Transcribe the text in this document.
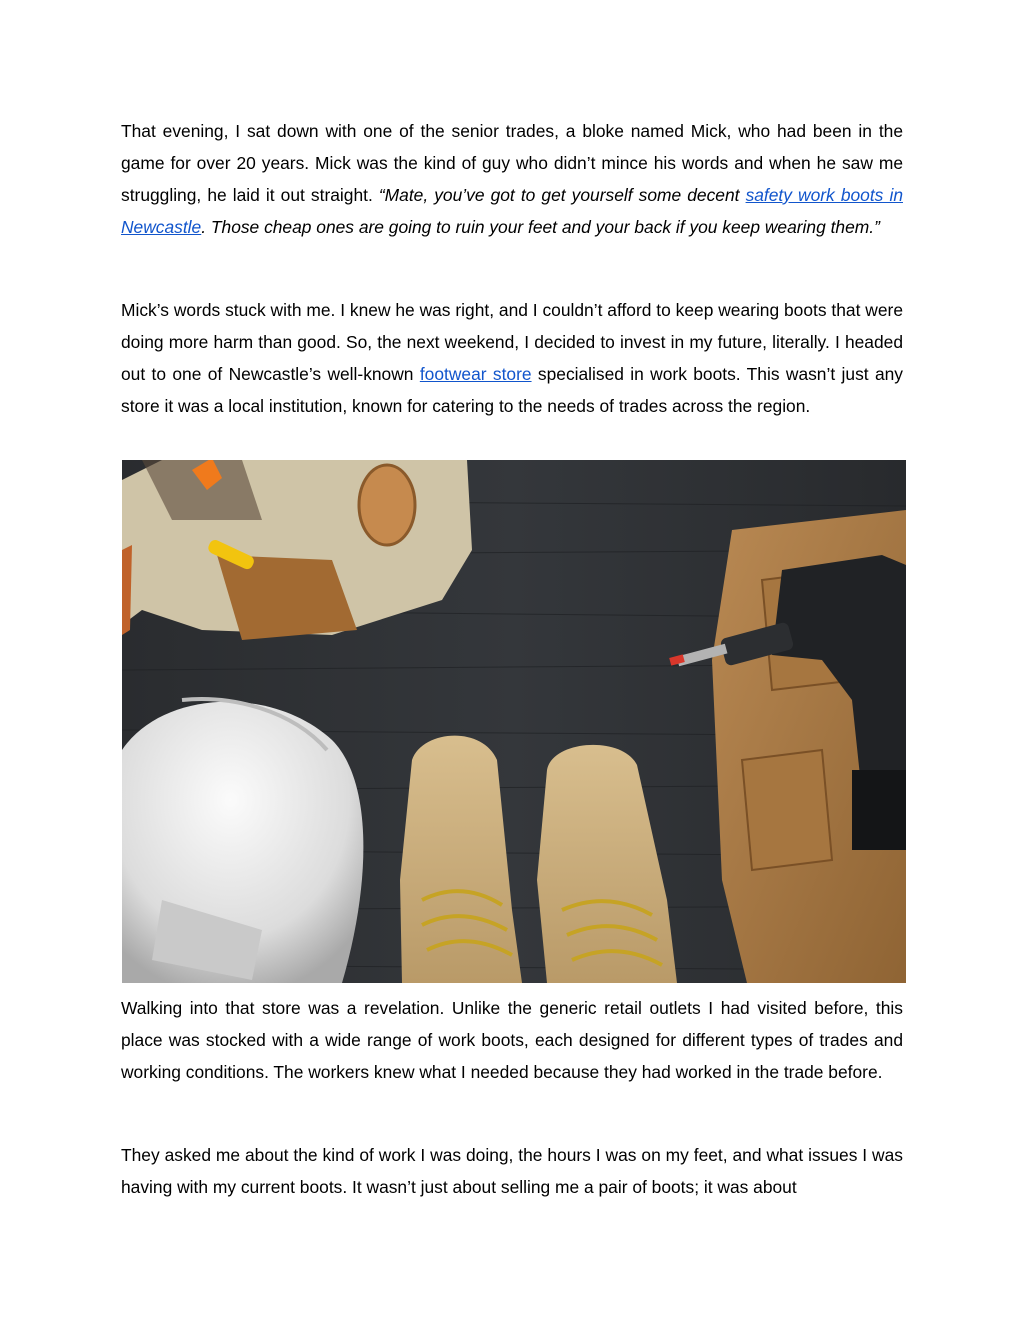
That evening, I sat down with one of the senior trades, a bloke named Mick, who had been in the game for over 20 years. Mick was the kind of guy who didn’t mince his words and when he saw me struggling, he laid it out straight. “Mate, you’ve got to get yourself some decent safety work boots in Newcastle. Those cheap ones are going to ruin your feet and your back if you keep wearing them.”

Mick’s words stuck with me. I knew he was right, and I couldn’t afford to keep wearing boots that were doing more harm than good. So, the next weekend, I decided to invest in my future, literally. I headed out to one of Newcastle’s well-known footwear store specialised in work boots. This wasn’t just any store it was a local institution, known for catering to the needs of trades across the region.

Walking into that store was a revelation. Unlike the generic retail outlets I had visited before, this place was stocked with a wide range of work boots, each designed for different types of trades and working conditions. The workers knew what I needed because they had worked in the trade before.

They asked me about the kind of work I was doing, the hours I was on my feet, and what issues I was having with my current boots. It wasn’t just about selling me a pair of boots; it was about
